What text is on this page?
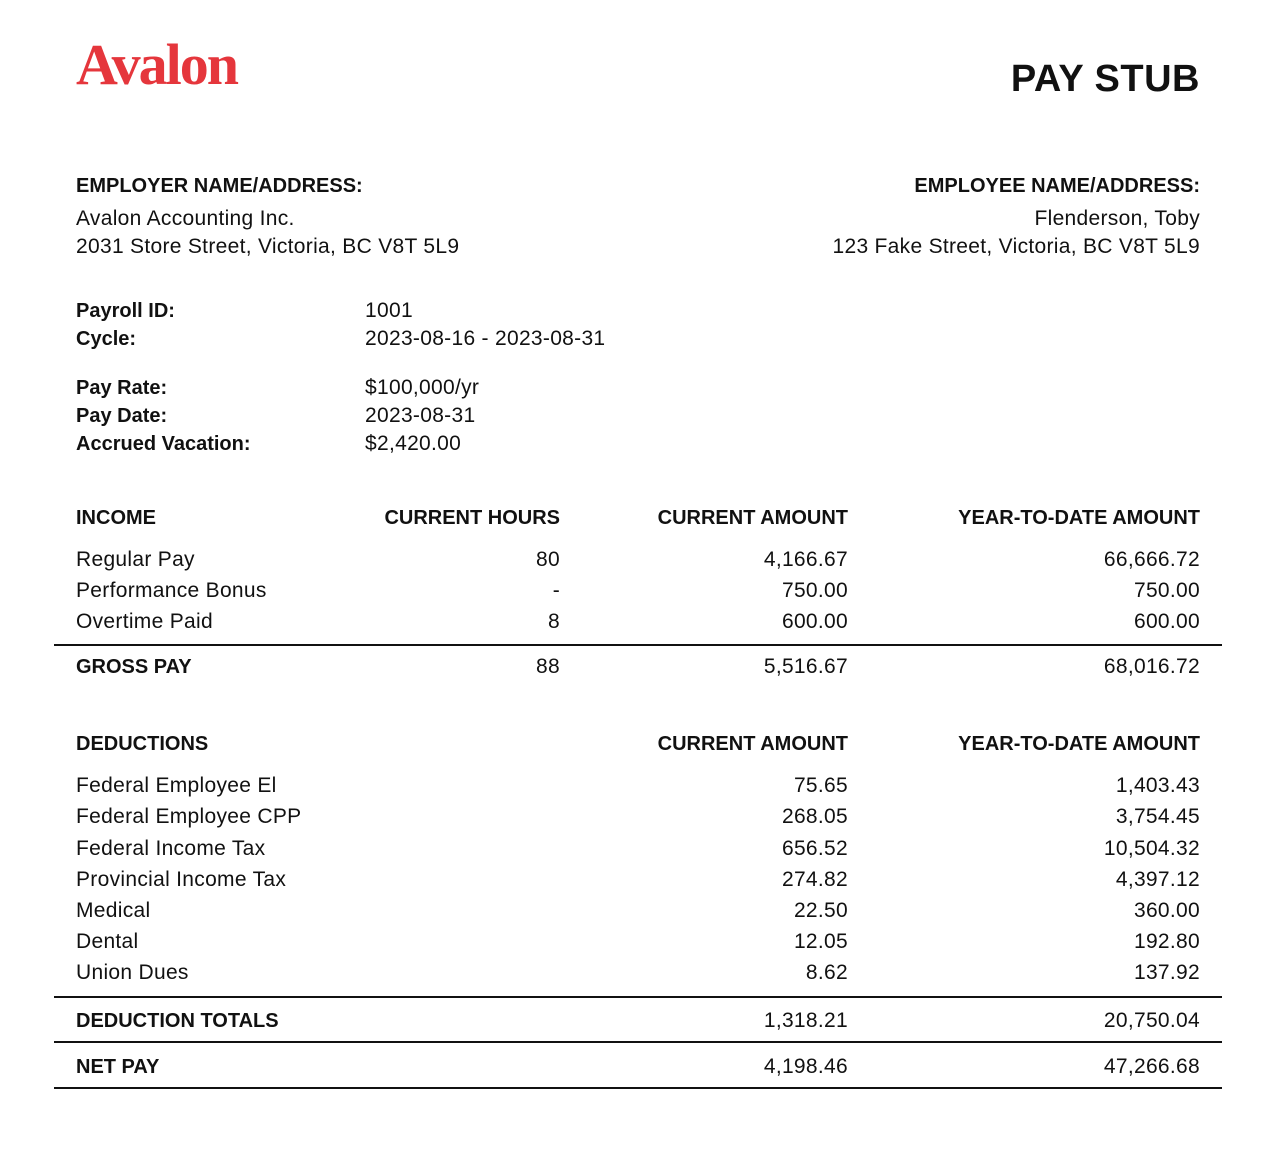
Avalon	PAY STUB
EMPLOYER NAME/ADDRESS:
Avalon Accounting Inc.
2031 Store Street, Victoria, BC V8T 5L9
EMPLOYEE NAME/ADDRESS:
Flenderson, Toby
123 Fake Street, Victoria, BC V8T 5L9
Payroll ID:	1001
Cycle:	2023-08-16 - 2023-08-31
Pay Rate:	$100,000/yr
Pay Date:	2023-08-31
Accrued Vacation:	$2,420.00
INCOME	CURRENT HOURS	CURRENT AMOUNT	YEAR-TO-DATE AMOUNT
Regular Pay	80	4,166.67	66,666.72
Performance Bonus	-	750.00	750.00
Overtime Paid	8	600.00	600.00
GROSS PAY	88	5,516.67	68,016.72
DEDUCTIONS	CURRENT AMOUNT	YEAR-TO-DATE AMOUNT
Federal Employee El	75.65	1,403.43
Federal Employee CPP	268.05	3,754.45
Federal Income Tax	656.52	10,504.32
Provincial Income Tax	274.82	4,397.12
Medical	22.50	360.00
Dental	12.05	192.80
Union Dues	8.62	137.92
DEDUCTION TOTALS	1,318.21	20,750.04
NET PAY	4,198.46	47,266.68
